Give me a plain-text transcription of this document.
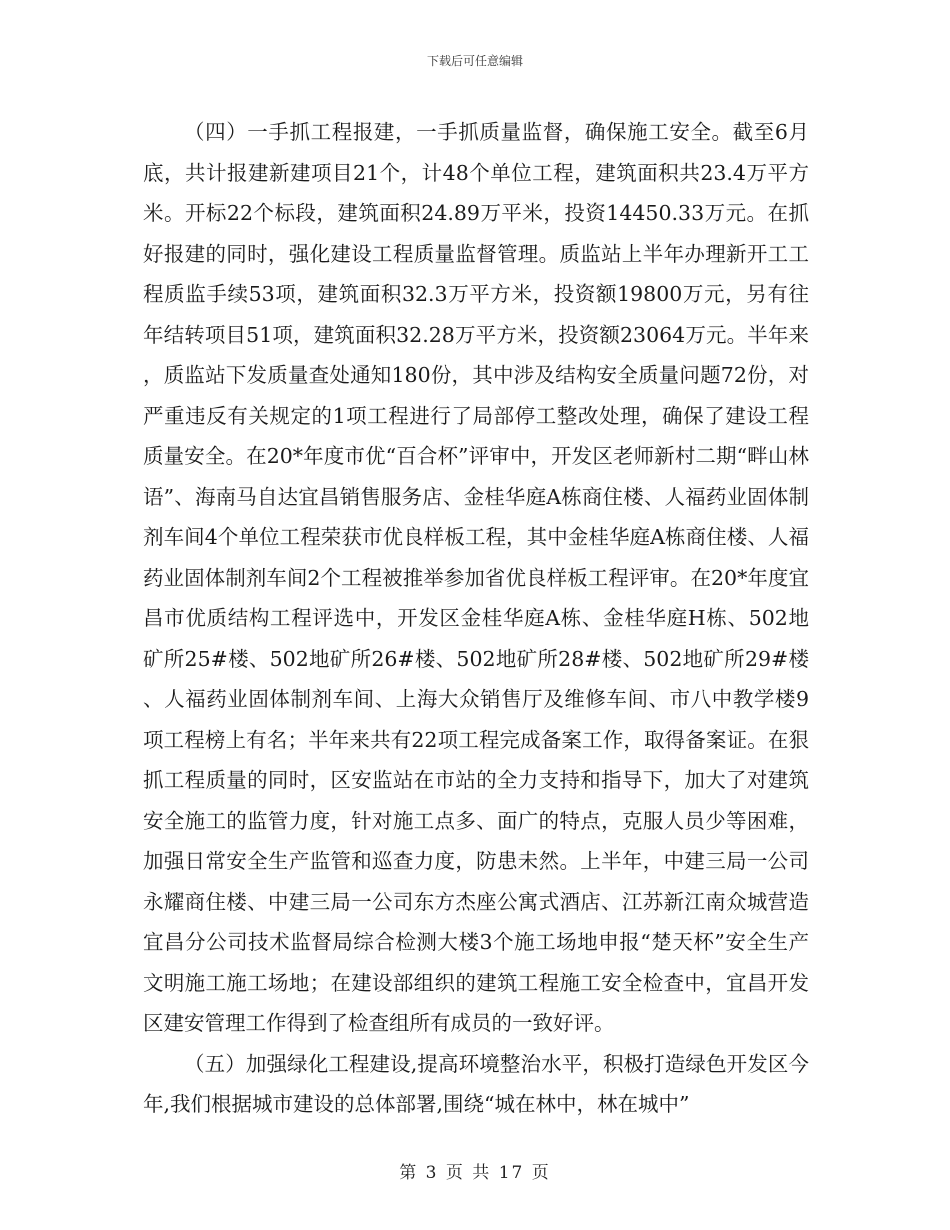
下载后可任意编辑

（四）一手抓工程报建，一手抓质量监督，确保施工安全。截至6月底，共计报建新建项目21个，计48个单位工程，建筑面积共23.4万平方米。开标22个标段，建筑面积24.89万平米，投资14450.33万元。在抓好报建的同时，强化建设工程质量监督管理。质监站上半年办理新开工工程质监手续53项，建筑面积32.3万平方米，投资额19800万元，另有往年结转项目51项，建筑面积32.28万平方米，投资额23064万元。半年来，质监站下发质量查处通知180份，其中涉及结构安全质量问题72份，对严重违反有关规定的1项工程进行了局部停工整改处理，确保了建设工程质量安全。在20*年度市优“百合杯”评审中，开发区老师新村二期“畔山林语”、海南马自达宜昌销售服务店、金桂华庭A栋商住楼、人福药业固体制剂车间4个单位工程荣获市优良样板工程，其中金桂华庭A栋商住楼、人福药业固体制剂车间2个工程被推举参加省优良样板工程评审。在20*年度宜昌市优质结构工程评选中，开发区金桂华庭A栋、金桂华庭H栋、502地矿所25#楼、502地矿所26#楼、502地矿所28#楼、502地矿所29#楼、人福药业固体制剂车间、上海大众销售厅及维修车间、市八中教学楼9项工程榜上有名；半年来共有22项工程完成备案工作，取得备案证。在狠抓工程质量的同时，区安监站在市站的全力支持和指导下，加大了对建筑安全施工的监管力度，针对施工点多、面广的特点，克服人员少等困难，加强日常安全生产监管和巡查力度，防患未然。上半年，中建三局一公司永耀商住楼、中建三局一公司东方杰座公寓式酒店、江苏新江南众城营造宜昌分公司技术监督局综合检测大楼3个施工场地申报“楚天杯”安全生产文明施工施工场地；在建设部组织的建筑工程施工安全检查中，宜昌开发区建安管理工作得到了检查组所有成员的一致好评。

（五）加强绿化工程建设,提高环境整治水平，积极打造绿色开发区今年,我们根据城市建设的总体部署,围绕“城在林中，林在城中”

第 3 页 共 17 页
